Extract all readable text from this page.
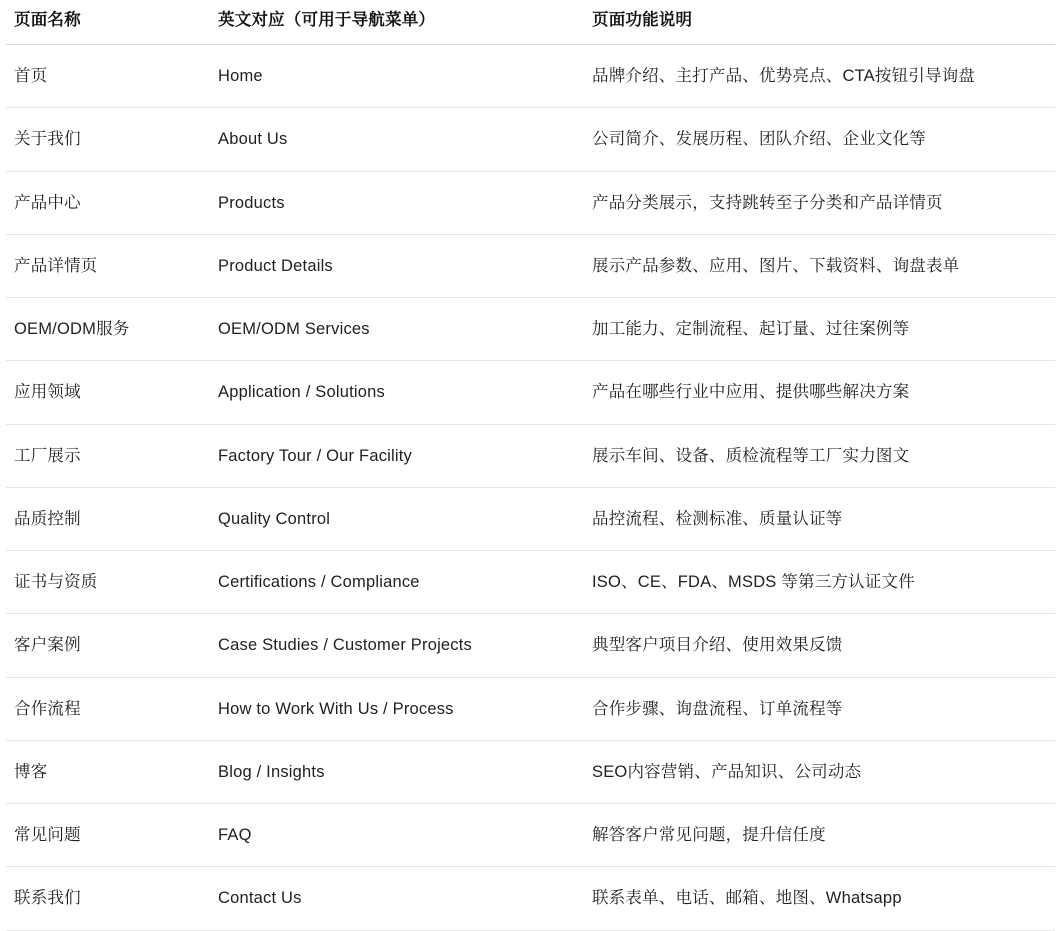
页面名称	英文对应（可用于导航菜单）	页面功能说明
首页	Home	品牌介绍、主打产品、优势亮点、CTA按钮引导询盘
关于我们	About Us	公司简介、发展历程、团队介绍、企业文化等
产品中心	Products	产品分类展示，支持跳转至子分类和产品详情页
产品详情页	Product Details	展示产品参数、应用、图片、下载资料、询盘表单
OEM/ODM服务	OEM/ODM Services	加工能力、定制流程、起订量、过往案例等
应用领域	Application / Solutions	产品在哪些行业中应用、提供哪些解决方案
工厂展示	Factory Tour / Our Facility	展示车间、设备、质检流程等工厂实力图文
品质控制	Quality Control	品控流程、检测标准、质量认证等
证书与资质	Certifications / Compliance	ISO、CE、FDA、MSDS 等第三方认证文件
客户案例	Case Studies / Customer Projects	典型客户项目介绍、使用效果反馈
合作流程	How to Work With Us / Process	合作步骤、询盘流程、订单流程等
博客	Blog / Insights	SEO内容营销、产品知识、公司动态
常见问题	FAQ	解答客户常见问题，提升信任度
联系我们	Contact Us	联系表单、电话、邮箱、地图、Whatsapp
